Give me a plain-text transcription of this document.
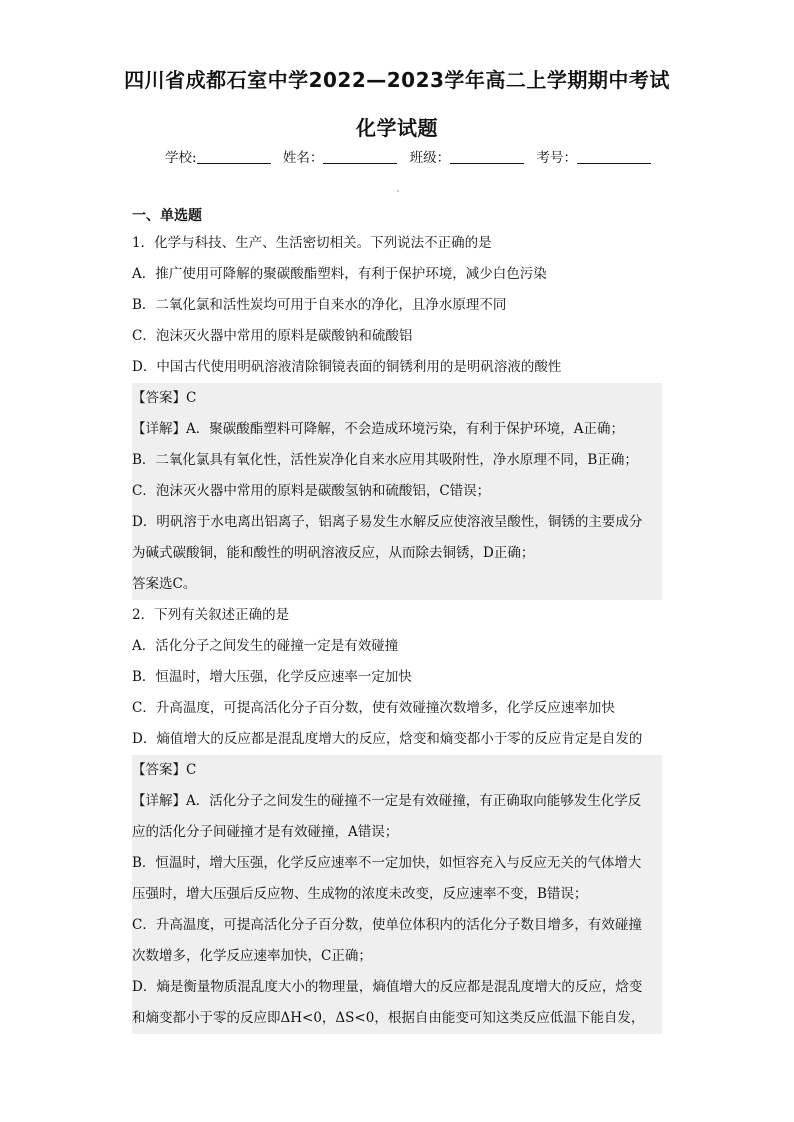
四川省成都石室中学2022—2023学年高二上学期期中考试
化学试题
学校:	姓名：	班级：	考号：
一、单选题
1．化学与科技、生产、生活密切相关。下列说法不正确的是
A．推广使用可降解的聚碳酸酯塑料，有利于保护环境，减少白色污染
B．二氧化氯和活性炭均可用于自来水的净化，且净水原理不同
C．泡沫灭火器中常用的原料是碳酸钠和硫酸铝
D．中国古代使用明矾溶液清除铜镜表面的铜锈利用的是明矾溶液的酸性
【答案】C
【详解】A．聚碳酸酯塑料可降解，不会造成环境污染，有利于保护环境，A正确；
B．二氧化氯具有氧化性，活性炭净化自来水应用其吸附性，净水原理不同，B正确；
C．泡沫灭火器中常用的原料是碳酸氢钠和硫酸铝，C错误；
D．明矾溶于水电离出铝离子，铝离子易发生水解反应使溶液呈酸性，铜锈的主要成分
为碱式碳酸铜，能和酸性的明矾溶液反应，从而除去铜锈，D正确；
答案选C。
2．下列有关叙述正确的是
A．活化分子之间发生的碰撞一定是有效碰撞
B．恒温时，增大压强，化学反应速率一定加快
C．升高温度，可提高活化分子百分数，使有效碰撞次数增多，化学反应速率加快
D．熵值增大的反应都是混乱度增大的反应，焓变和熵变都小于零的反应肯定是自发的
【答案】C
【详解】A．活化分子之间发生的碰撞不一定是有效碰撞，有正确取向能够发生化学反
应的活化分子间碰撞才是有效碰撞，A错误；
B．恒温时，增大压强，化学反应速率不一定加快，如恒容充入与反应无关的气体增大
压强时，增大压强后反应物、生成物的浓度未改变，反应速率不变，B错误；
C．升高温度，可提高活化分子百分数，使单位体积内的活化分子数目增多，有效碰撞
次数增多，化学反应速率加快，C正确；
D．熵是衡量物质混乱度大小的物理量，熵值增大的反应都是混乱度增大的反应，焓变
和熵变都小于零的反应即ΔH<0，ΔS<0，根据自由能变可知这类反应低温下能自发，
